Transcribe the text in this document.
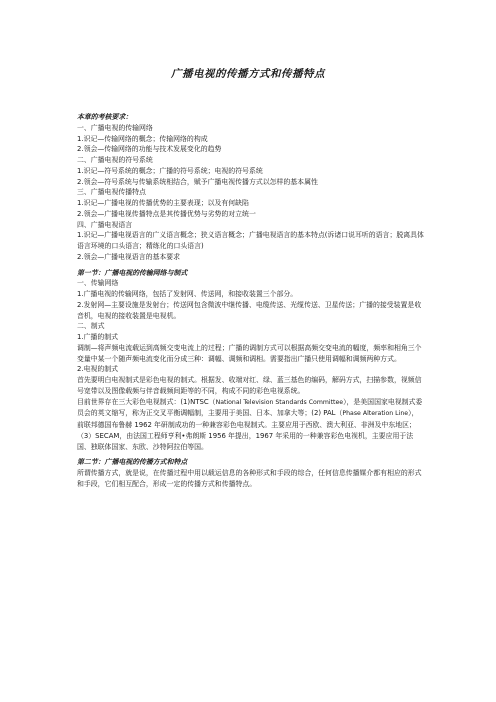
广播电视的传播方式和传播特点
本章的考核要求：
一、广播电视的传输网络
1.识记—传输网络的概念；传输网络的构成
2.领会—传输网络的功能与技术发展变化的趋势
二、广播电视的符号系统
1.识记—符号系统的概念；广播的符号系统；电视的符号系统
2.领会—符号系统与传输系统相结合，赋予广播电视传播方式以怎样的基本属性
三、广播电视传播特点
1.识记—广播电视的传播优势的主要表现；以及有何缺陷
2.领会—广播电视传播特点是其传播优势与劣势的对立统一
四、广播电视语言
1.识记—广播电视语言的广义语言概念；狭义语言概念；广播电视语言的基本特点(诉诸口说耳听的语言；脱离具体语言环境的口头语言；精练化的口头语言)
2.领会—广播电视语言的基本要求
第一节：广播电视的传输网络与制式
一、传输网络
1.广播电视的传输网络，包括了发射网、传送网，和接收装置三个部分。
2.发射网—主要设施是发射台；传送网包含微波中继传播、电缆传送、光缆传送、卫星传送；广播的接受装置是收音机，电视的接收装置是电视机。
二、制式
1.广播的制式
调制—将声频电流载运到高频交变电流上的过程；广播的调制方式可以根据高频交变电流的幅度，频率和相角三个变量中某一个随声频电流变化而分成三种：调幅、调频和调相。需要指出广播只使用调幅和调频两种方式。
2.电视的制式
首先要明白电视制式是彩色电视的制式。根据发、收端对红、绿、蓝三基色的编码，解码方式，扫描参数，视频信号宽带以及图像载频与伴音载频间距等的不同，构成不同的彩色电视系统。
目前世界存在三大彩色电视制式：(1)NTSC（National Television Standards Committee），是美国国家电视制式委员会的英文缩写，称为正交叉平衡调幅制，主要用于美国、日本、加拿大等；(2) PAL（Phase Alteration Line），前联邦德国布鲁赫 1962 年研制成功的一种兼容彩色电视制式。主要应用于西欧、澳大利亚、非洲及中东地区；（3）SECAM，由法国工程师亨利•弗朗斯 1956 年提出，1967 年采用的一种兼容彩色电视机，主要应用于法国、独联体国家、东欧、沙特阿拉伯等国。
第二节：广播电视的传播方式和特点
所谓传播方式，就是说，在传播过程中用以载运信息的各种形式和手段的综合，任何信息传播媒介都有相应的形式和手段，它们相互配合，形成一定的传播方式和传播特点。
